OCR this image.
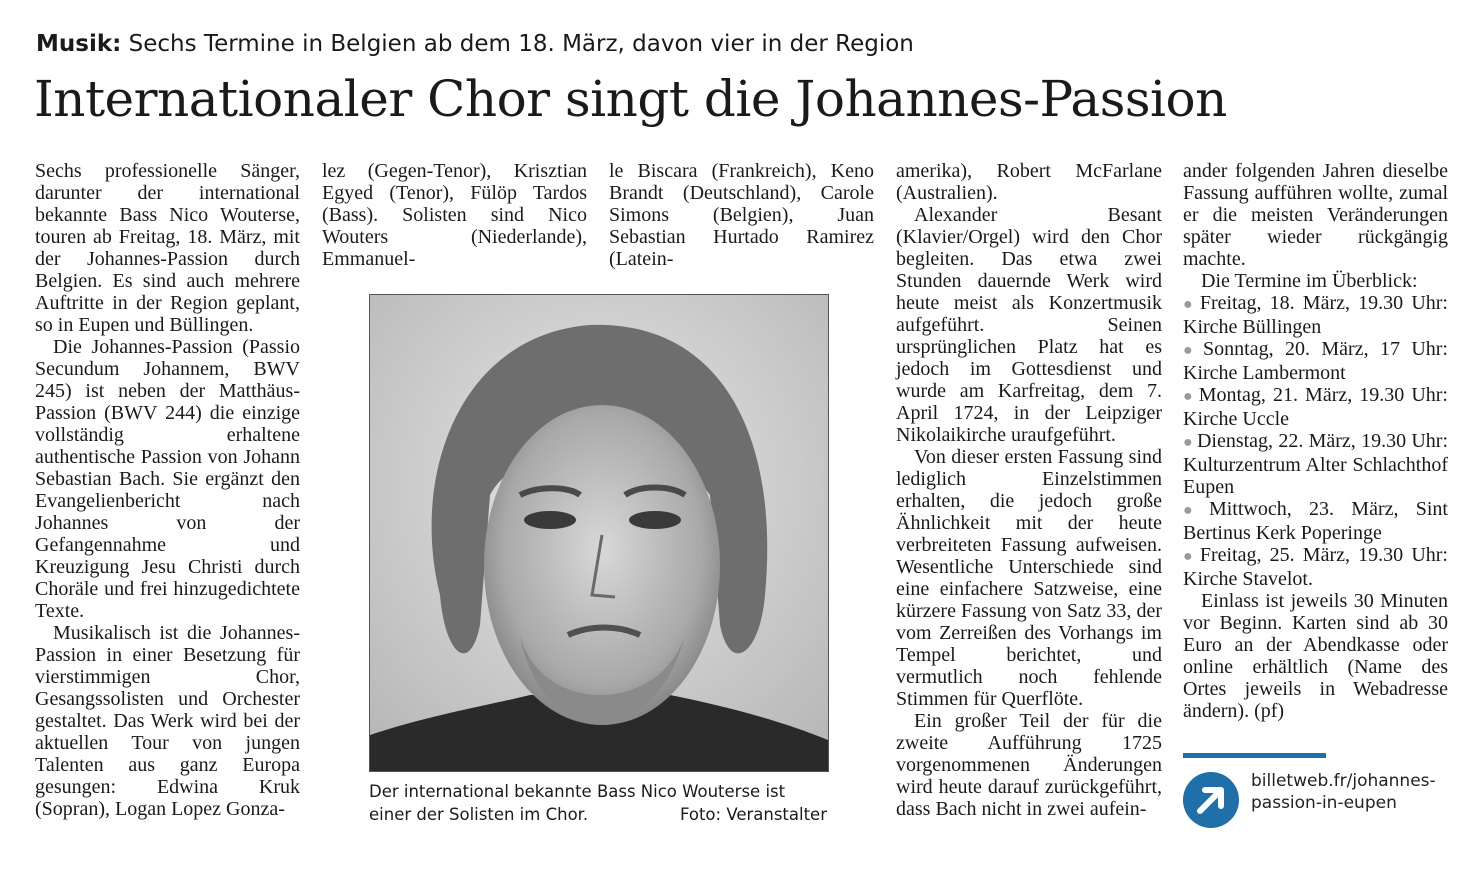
Musik: Sechs Termine in Belgien ab dem 18. März, davon vier in der Region
Internationaler Chor singt die Johannes-Passion

Sechs professionelle Sänger, darunter der international bekannte Bass Nico Wouterse, touren ab Freitag, 18. März, mit der Johannes-Passion durch Belgien. Es sind auch mehrere Auftritte in der Region geplant, so in Eupen und Büllingen.

Die Johannes-Passion (Passio Secundum Johannem, BWV 245) ist neben der Matthäus-Passion (BWV 244) die einzige vollständig erhaltene authentische Passion von Johann Sebastian Bach. Sie ergänzt den Evangelienbericht nach Johannes von der Gefangennahme und Kreuzigung Jesu Christi durch Choräle und frei hinzugedichtete Texte.

Musikalisch ist die Johannes-Passion in einer Besetzung für vierstimmigen Chor, Gesangssolisten und Orchester gestaltet. Das Werk wird bei der aktuellen Tour von jungen Talenten aus ganz Europa gesungen: Edwina Kruk (Sopran), Logan Lopez Gonza-

lez (Gegen-Tenor), Krisztian Egyed (Tenor), Fülöp Tardos (Bass). Solisten sind Nico Wouters (Niederlande), Emmanuel-

le Biscara (Frankreich), Keno Brandt (Deutschland), Carole Simons (Belgien), Juan Sebastian Hurtado Ramirez (Latein-

Der international bekannte Bass Nico Wouterse ist einer der Solisten im Chor.	Foto: Veranstalter

amerika), Robert McFarlane (Australien).

Alexander Besant (Klavier/Orgel) wird den Chor begleiten. Das etwa zwei Stunden dauernde Werk wird heute meist als Konzertmusik aufgeführt. Seinen ursprünglichen Platz hat es jedoch im Gottesdienst und wurde am Karfreitag, dem 7. April 1724, in der Leipziger Nikolaikirche uraufgeführt.

Von dieser ersten Fassung sind lediglich Einzelstimmen erhalten, die jedoch große Ähnlichkeit mit der heute verbreiteten Fassung aufweisen. Wesentliche Unterschiede sind eine einfachere Satzweise, eine kürzere Fassung von Satz 33, der vom Zerreißen des Vorhangs im Tempel berichtet, und vermutlich noch fehlende Stimmen für Querflöte.

Ein großer Teil der für die zweite Aufführung 1725 vorgenommenen Änderungen wird heute darauf zurückgeführt, dass Bach nicht in zwei aufein-

ander folgenden Jahren dieselbe Fassung aufführen wollte, zumal er die meisten Veränderungen später wieder rückgängig machte.

Die Termine im Überblick:

● Freitag, 18. März, 19.30 Uhr: Kirche Büllingen

● Sonntag, 20. März, 17 Uhr: Kirche Lambermont

● Montag, 21. März, 19.30 Uhr: Kirche Uccle

● Dienstag, 22. März, 19.30 Uhr: Kulturzentrum Alter Schlachthof Eupen

● Mittwoch, 23. März, Sint Bertinus Kerk Poperinge

● Freitag, 25. März, 19.30 Uhr: Kirche Stavelot.

Einlass ist jeweils 30 Minuten vor Beginn. Karten sind ab 30 Euro an der Abendkasse oder online erhältlich (Name des Ortes jeweils in Webadresse ändern). (pf)

billetweb.fr/johannes-
passion-in-eupen
